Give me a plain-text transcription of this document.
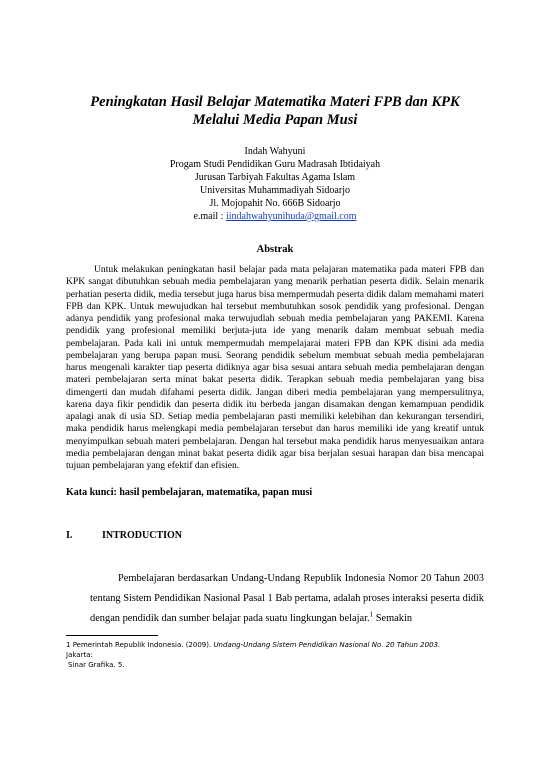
Peningkatan Hasil Belajar Matematika Materi FPB dan KPK
Melalui Media Papan Musi
Indah Wahyuni
Progam Studi Pendidikan Guru Madrasah Ibtidaiyah
Jurusan Tarbiyah Fakultas Agama Islam
Universitas Muhammadiyah Sidoarjo
Jl. Mojopahit No. 666B Sidoarjo
e.mail : iindahwahyunihuda@gmail.com
Abstrak

Untuk melakukan peningkatan hasil belajar pada mata pelajaran matematika pada materi FPB dan KPK sangat dibutuhkan sebuah media pembelajaran yang menarik perhatian peserta didik. Selain menarik perhatian peserta didik, media tersebut juga harus bisa mempermudah peserta didik dalam memahami materi FPB dan KPK. Untuk mewujudkan hal tersebut membutuhkan sosok pendidik yang profesional. Dengan adanya pendidik yang profesional maka terwujudlah sebuah media pembelajaran yang PAKEMI. Karena pendidik yang profesional memiliki berjuta-juta ide yang menarik dalam membuat sebuah media pembelajaran. Pada kali ini untuk mempermudah mempelajarai materi FPB dan KPK disini ada media pembelajaran yang berupa papan musi. Seorang pendidik sebelum membuat sebuah media pembelajaran harus mengenali karakter tiap peserta didiknya agar bisa sesuai antara sebuah media pembelajaran dengan materi pembelajaran serta minat bakat peserta didik. Terapkan sebuah media pembelajaran yang bisa dimengerti dan mudah difahami peserta didik. Jangan diberi media pembelajaran yang mempersulitnya, karena daya fikir pendidik dan peserta didik itu berbeda jangan disamakan dengan kemampuan pendidik apalagi anak di usia SD. Setiap media pembelajaran pasti memiliki kelebihan dan kekurangan tersendiri, maka pendidik harus melengkapi media pembelajaran tersebut dan harus memiliki ide yang kreatif untuk menyimpulkan sebuah materi pembelajaran. Dengan hal tersebut maka pendidik harus menyesuaikan antara media pembelajaran dengan minat bakat peserta didik agar bisa berjalan sesuai harapan dan bisa mencapai tujuan pembelajaran yang efektif dan efisien.

Kata kunci: hasil pembelajaran, matematika, papan musi

I.	INTRODUCTION

Pembelajaran berdasarkan Undang-Undang Republik Indonesia Nomor 20 Tahun 2003 tentang Sistem Pendidikan Nasional Pasal 1 Bab pertama, adalah proses interaksi peserta didik dengan pendidik dan sumber belajar pada suatu lingkungan belajar.$^1$ Semakin

1 Pemerintah Republik Indonesia. (2009). Undang-Undang Sistem Pendidikan Nasional No. 20 Tahun 2003.
Jakarta:
Sinar Grafika. 5.
